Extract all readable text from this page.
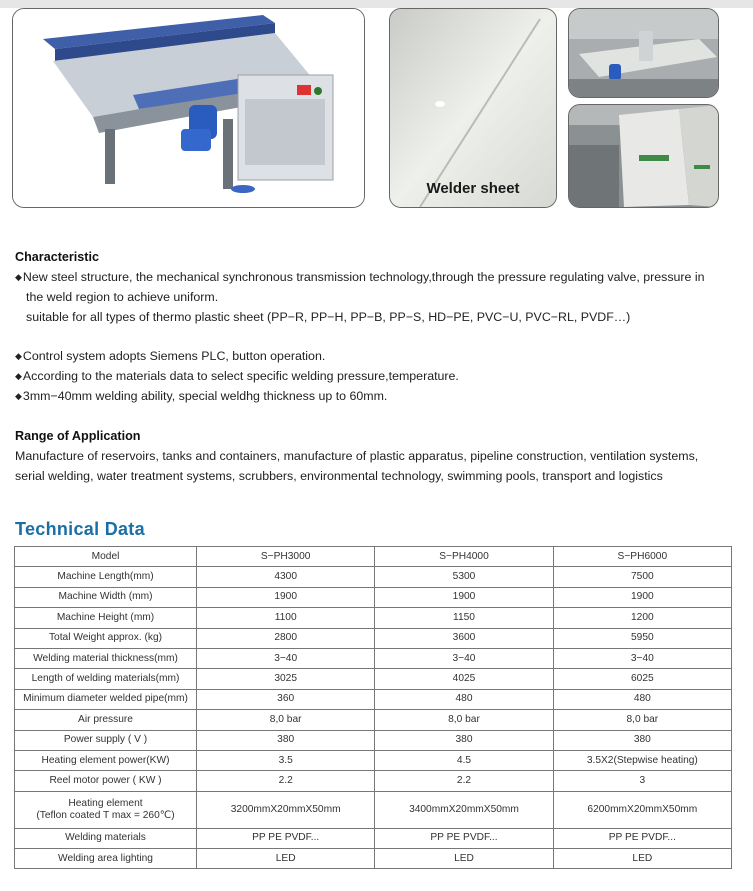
Welder sheet
Characteristic
◆New steel structure, the mechanical synchronous transmission technology,through the pressure regulating valve, pressure in
the weld region to achieve uniform.
suitable for all types of thermo plastic sheet (PP−R, PP−H, PP−B, PP−S, HD−PE, PVC−U, PVC−RL, PVDF…)
◆Control system adopts Siemens PLC, button operation.
◆According to the materials data to select specific welding pressure,temperature.
◆3mm−40mm welding ability, special weldhg thickness up to 60mm.
Range of Application
Manufacture of reservoirs, tanks and containers, manufacture of plastic apparatus, pipeline construction, ventilation systems,
serial welding, water treatment systems, scrubbers, environmental technology, swimming pools, transport and logistics
Technical Data
Model	S−PH3000	S−PH4000	S−PH6000
Machine Length(mm)	4300	5300	7500
Machine Width (mm)	1900	1900	1900
Machine Height (mm)	1100	1150	1200
Total Weight approx. (kg)	2800	3600	5950
Welding material thickness(mm)	3−40	3−40	3−40
Length of welding materials(mm)	3025	4025	6025
Minimum diameter welded pipe(mm)	360	480	480
Air pressure	8,0 bar	8,0 bar	8,0 bar
Power supply ( V )	380	380	380
Heating element power(KW)	3.5	4.5	3.5X2(Stepwise heating)
Reel motor power ( KW )	2.2	2.2	3

Heating element
(Teflon coated T max = 260℃)	3200mmX20mmX50mm	3400mmX20mmX50mm	6200mmX20mmX50mm
Welding materials	PP PE PVDF...	PP PE PVDF...	PP PE PVDF...
Welding area lighting	LED	LED	LED
